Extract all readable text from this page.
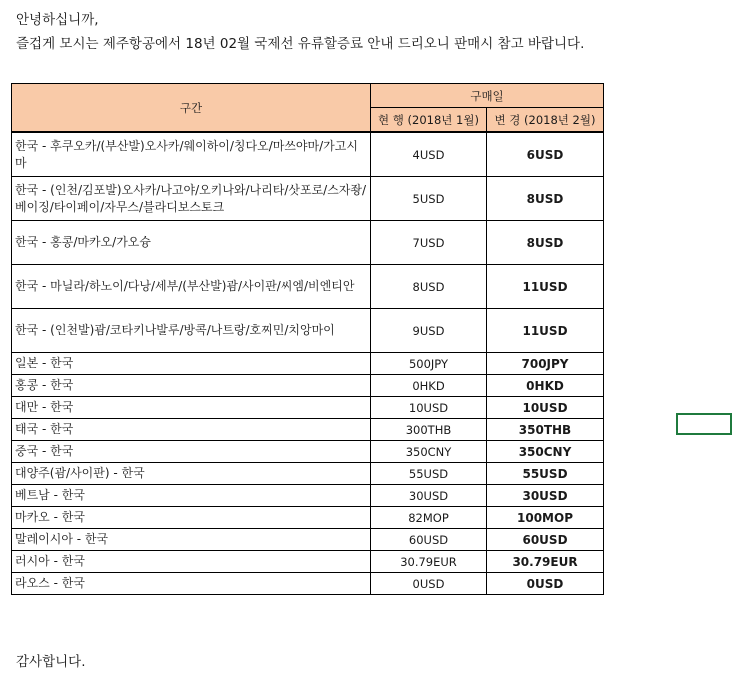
안녕하십니까,
즐겁게 모시는 제주항공에서 18년 02월 국제선 유류할증료 안내 드리오니 판매시 참고 바랍니다.
구간	구매일	
	현 행 (2018년 1월)	변 경 (2018년 2월)
한국 - 후쿠오카/(부산발)오사카/웨이하이/칭다오/마쓰야마/가고시마	4USD	6USD
한국 - (인천/김포발)오사카/나고야/오키나와/나리타/삿포로/스자좡/베이징/타이페이/자무스/블라디보스토크	5USD	8USD
한국 - 홍콩/마카오/가오슝	7USD	8USD
한국 - 마닐라/하노이/다낭/세부/(부산발)괌/사이판/씨엠/비엔티안	8USD	11USD
한국 - (인천발)괌/코타키나발루/방콕/나트랑/호찌민/치앙마이	9USD	11USD
일본 - 한국	500JPY	700JPY
홍콩 - 한국	0HKD	0HKD
대만 - 한국	10USD	10USD
태국 - 한국	300THB	350THB
중국 - 한국	350CNY	350CNY
대양주(괌/사이판) - 한국	55USD	55USD
베트남 - 한국	30USD	30USD
마카오 - 한국	82MOP	100MOP
말레이시아 - 한국	60USD	60USD
러시아 - 한국	30.79EUR	30.79EUR
라오스 - 한국	0USD	0USD
감사합니다.
